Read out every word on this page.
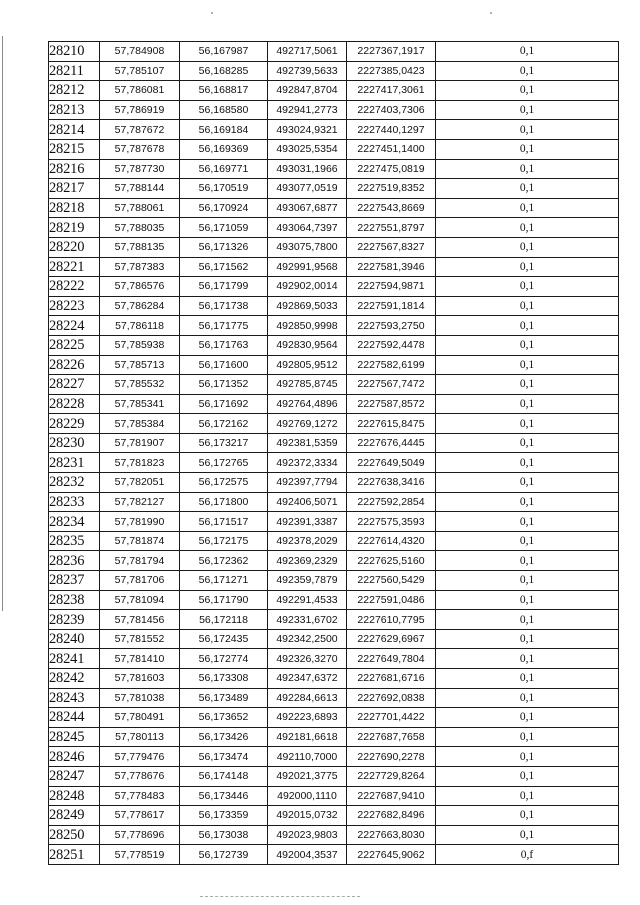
28210	57,784908	56,167987	492717,5061	2227367,1917	0,1
28211	57,785107	56,168285	492739,5633	2227385,0423	0,1
28212	57,786081	56,168817	492847,8704	2227417,3061	0,1
28213	57,786919	56,168580	492941,2773	2227403,7306	0,1
28214	57,787672	56,169184	493024,9321	2227440,1297	0,1
28215	57,787678	56,169369	493025,5354	2227451,1400	0,1
28216	57,787730	56,169771	493031,1966	2227475,0819	0,1
28217	57,788144	56,170519	493077,0519	2227519,8352	0,1
28218	57,788061	56,170924	493067,6877	2227543,8669	0,1
28219	57,788035	56,171059	493064,7397	2227551,8797	0,1
28220	57,788135	56,171326	493075,7800	2227567,8327	0,1
28221	57,787383	56,171562	492991,9568	2227581,3946	0,1
28222	57,786576	56,171799	492902,0014	2227594,9871	0,1
28223	57,786284	56,171738	492869,5033	2227591,1814	0,1
28224	57,786118	56,171775	492850,9998	2227593,2750	0,1
28225	57,785938	56,171763	492830,9564	2227592,4478	0,1
28226	57,785713	56,171600	492805,9512	2227582,6199	0,1
28227	57,785532	56,171352	492785,8745	2227567,7472	0,1
28228	57,785341	56,171692	492764,4896	2227587,8572	0,1
28229	57,785384	56,172162	492769,1272	2227615,8475	0,1
28230	57,781907	56,173217	492381,5359	2227676,4445	0,1
28231	57,781823	56,172765	492372,3334	2227649,5049	0,1
28232	57,782051	56,172575	492397,7794	2227638,3416	0,1
28233	57,782127	56,171800	492406,5071	2227592,2854	0,1
28234	57,781990	56,171517	492391,3387	2227575,3593	0,1
28235	57,781874	56,172175	492378,2029	2227614,4320	0,1
28236	57,781794	56,172362	492369,2329	2227625,5160	0,1
28237	57,781706	56,171271	492359,7879	2227560,5429	0,1
28238	57,781094	56,171790	492291,4533	2227591,0486	0,1
28239	57,781456	56,172118	492331,6702	2227610,7795	0,1
28240	57,781552	56,172435	492342,2500	2227629,6967	0,1
28241	57,781410	56,172774	492326,3270	2227649,7804	0,1
28242	57,781603	56,173308	492347,6372	2227681,6716	0,1
28243	57,781038	56,173489	492284,6613	2227692,0838	0,1
28244	57,780491	56,173652	492223,6893	2227701,4422	0,1
28245	57,780113	56,173426	492181,6618	2227687,7658	0,1
28246	57,779476	56,173474	492110,7000	2227690,2278	0,1
28247	57,778676	56,174148	492021,3775	2227729,8264	0,1
28248	57,778483	56,173446	492000,1110	2227687,9410	0,1
28249	57,778617	56,173359	492015,0732	2227682,8496	0,1
28250	57,778696	56,173038	492023,9803	2227663,8030	0,1
28251	57,778519	56,172739	492004,3537	2227645,9062	0,f
